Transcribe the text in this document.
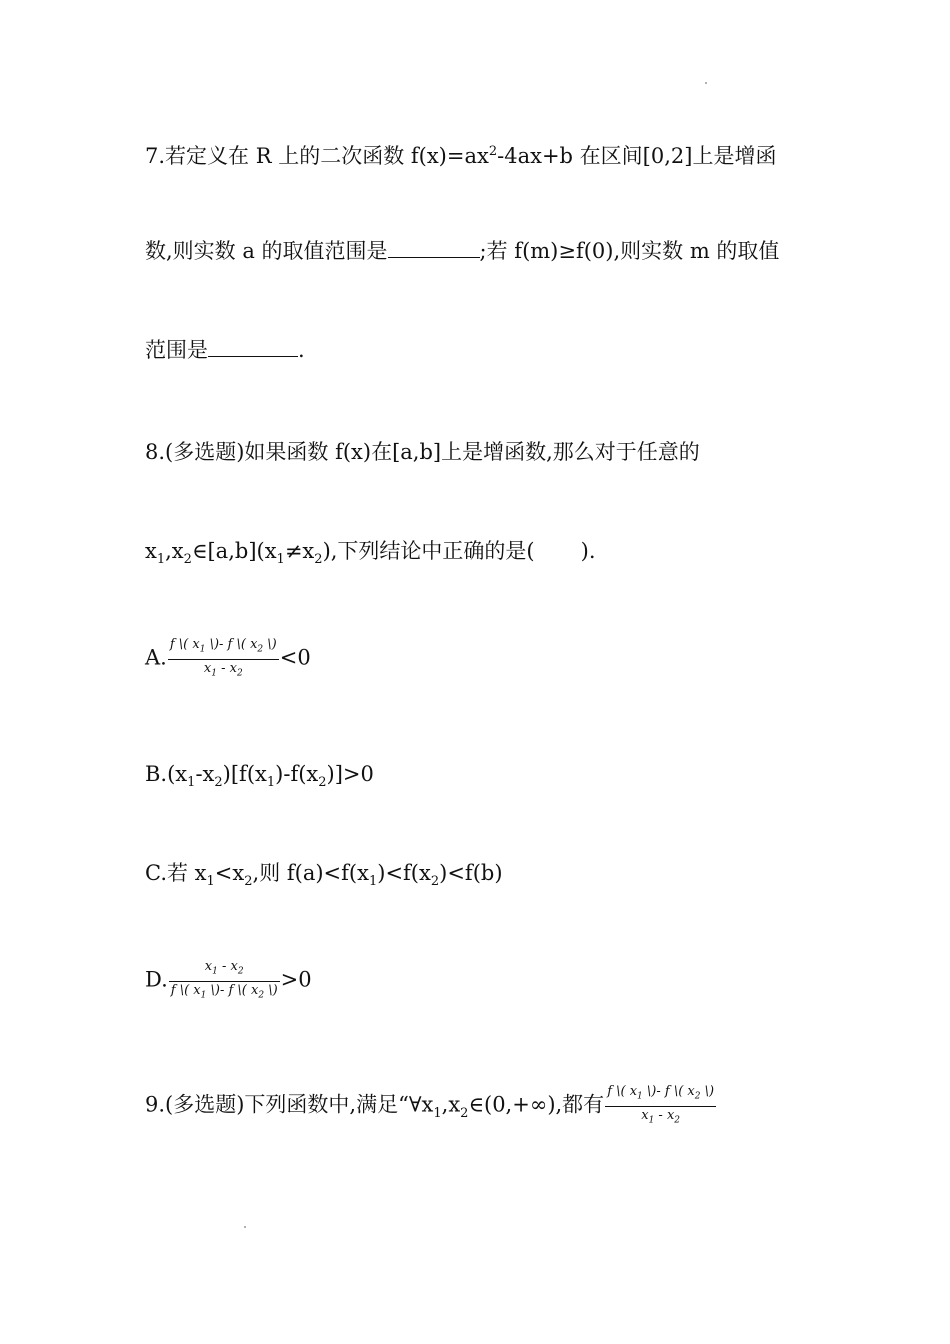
7.若定义在 R 上的二次函数 $f(x)=ax^2-4ax+b$ 在区间[0,2]上是增函
数,则实数 a 的取值范围是	;若 f(m)≥f(0),则实数 m 的取值
范围是	.
8.(多选题)如果函数 f(x)在[a,b]上是增函数,那么对于任意的
$x_1,x_2\in[a,b](x_1\ne x_2)$,下列结论中正确的是( ).
A. $\frac{f \backslash( x_1 \backslash)- f \backslash( x_2 \backslash)}{x_1 - x_2} <0$
$B.(x_1-x_2)[f(x_1)-f(x_2)]>0$
C.若 $x_1<x_2$,则 $f(a)<f(x_1)<f(x_2)<f(b)$
D. $\frac{x_1 - x_2}{f \backslash( x_1 \backslash)- f \backslash( x_2 \backslash)} >0$
9.(多选题)下列函数中,满足“$\forall x_1,x_2\in(0,+\infty)$,都有 $\frac{f \backslash( x_1 \backslash)- f \backslash( x_2 \backslash)}{x_1 - x_2}$
